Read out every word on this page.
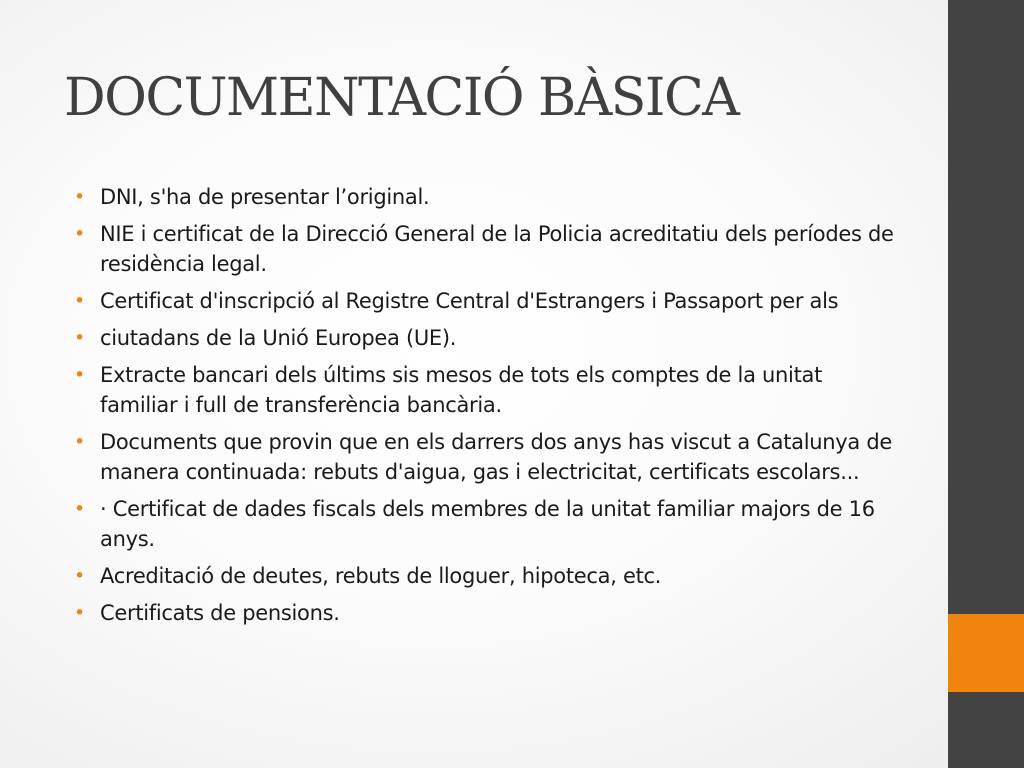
DOCUMENTACIÓ BÀSICA
• DNI, s'ha de presentar l’original.
• NIE i certificat de la Direcció General de la Policia acreditatiu dels períodes de residència legal.
• Certificat d'inscripció al Registre Central d'Estrangers i Passaport per als
• ciutadans de la Unió Europea (UE).
• Extracte bancari dels últims sis mesos de tots els comptes de la unitat familiar i full de transferència bancària.
• Documents que provin que en els darrers dos anys has viscut a Catalunya de manera continuada: rebuts d'aigua, gas i electricitat, certificats escolars...
• · Certificat de dades fiscals dels membres de la unitat familiar majors de 16 anys.
• Acreditació de deutes, rebuts de lloguer, hipoteca, etc.
• Certificats de pensions.
